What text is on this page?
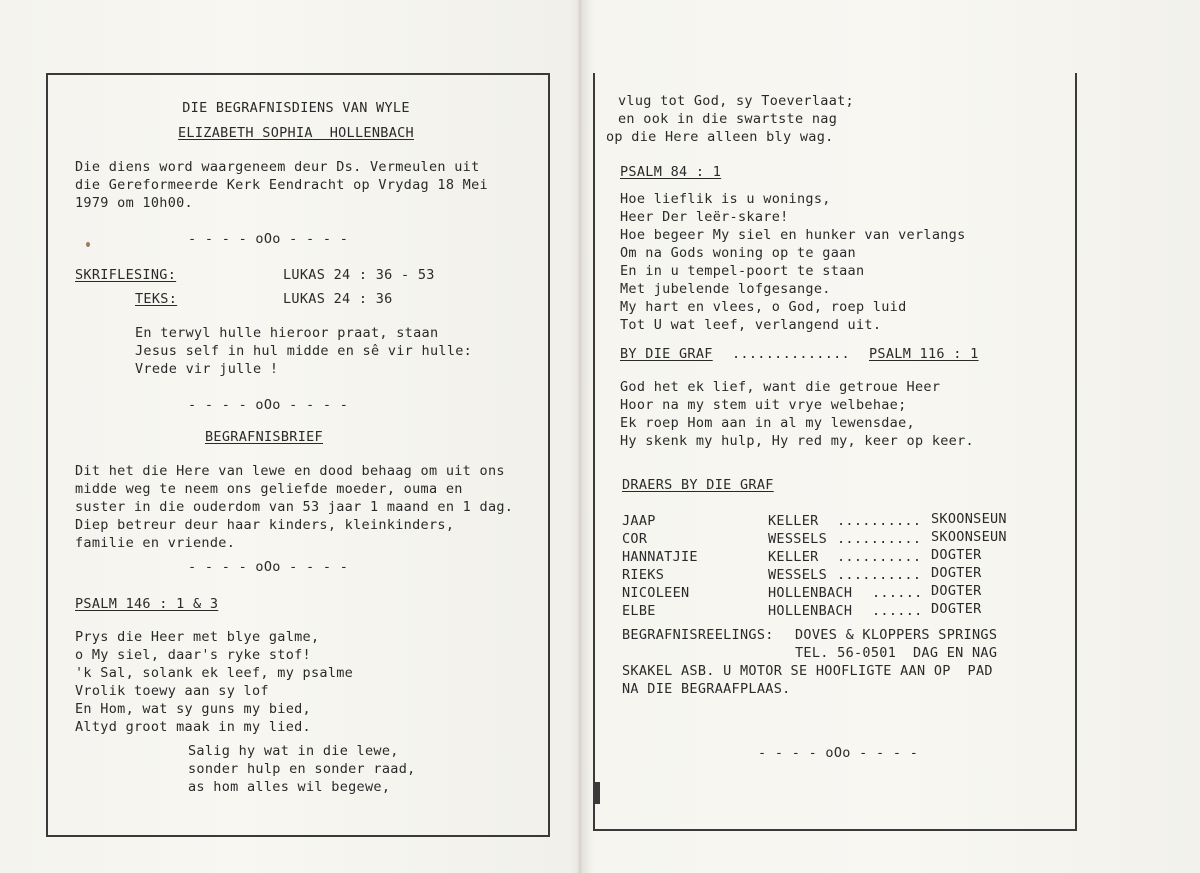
DIE BEGRAFNISDIENS VAN WYLE
ELIZABETH SOPHIA  HOLLENBACH
Die diens word waargeneem deur Ds. Vermeulen uit
die Gereformeerde Kerk Eendracht op Vrydag 18 Mei
1979 om 10h00.
- - - - oOo - - - -
SKRIFLESING:	LUKAS 24 : 36 - 53
TEKS:	LUKAS 24 : 36
En terwyl hulle hieroor praat, staan
Jesus self in hul midde en sê vir hulle:
Vrede vir julle !
- - - - oOo - - - -
BEGRAFNISBRIEF
Dit het die Here van lewe en dood behaag om uit ons
midde weg te neem ons geliefde moeder, ouma en
suster in die ouderdom van 53 jaar 1 maand en 1 dag.
Diep betreur deur haar kinders, kleinkinders,
familie en vriende.
- - - - oOo - - - -
PSALM 146 : 1 & 3
Prys die Heer met blye galme,
o My siel, daar's ryke stof!
'k Sal, solank ek leef, my psalme
Vrolik toewy aan sy lof
En Hom, wat sy guns my bied,
Altyd groot maak in my lied.
Salig hy wat in die lewe,
sonder hulp en sonder raad,
as hom alles wil begewe,
vlug tot God, sy Toeverlaat;
en ook in die swartste nag
op die Here alleen bly wag.
PSALM 84 : 1
Hoe lieflik is u wonings,
Heer Der leër-skare!
Hoe begeer My siel en hunker van verlangs
Om na Gods woning op te gaan
En in u tempel-poort te staan
Met jubelende lofgesange.
My hart en vlees, o God, roep luid
Tot U wat leef, verlangend uit.
BY DIE GRAF .............. PSALM 116 : 1
God het ek lief, want die getroue Heer
Hoor na my stem uit vrye welbehae;
Ek roep Hom aan in al my lewensdae,
Hy skenk my hulp, Hy red my, keer op keer.
DRAERS BY DIE GRAF
JAAP	KELLER .......... SKOONSEUN
COR	WESSELS .......... SKOONSEUN
HANNATJIE	KELLER .......... DOGTER
RIEKS	WESSELS .......... DOGTER
NICOLEEN	HOLLENBACH ...... DOGTER
ELBE	HOLLENBACH ...... DOGTER
BEGRAFNISREELINGS: DOVES & KLOPPERS SPRINGS
TEL. 56-0501  DAG EN NAG
SKAKEL ASB. U MOTOR SE HOOFLIGTE AAN OP  PAD
NA DIE BEGRAAFPLAAS.
- - - - oOo - - - -
